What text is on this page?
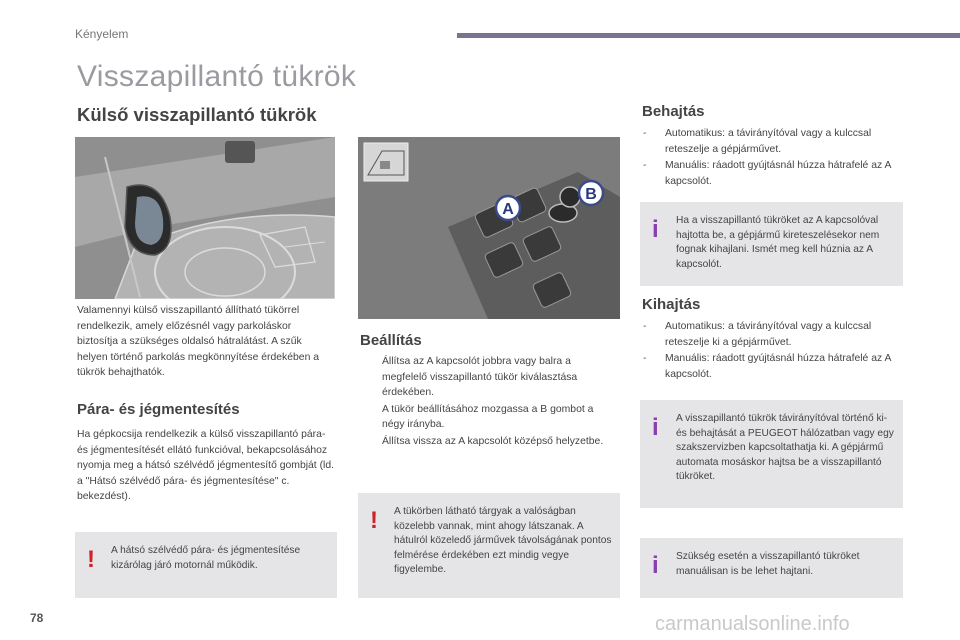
Kényelem
Visszapillantó tükrök
Külső visszapillantó tükrök
Valamennyi külső visszapillantó állítható tükörrel rendelkezik, amely előzésnél vagy parkoláskor biztosítja a szükséges oldalsó hátralátást. A szűk helyen történő parkolás megkönnyítése érdekében a tükrök behajthatók.
Pára- és jégmentesítés
Ha gépkocsija rendelkezik a külső visszapillantó pára- és jégmentesítését ellátó funkcióval, bekapcsolásához nyomja meg a hátsó szélvédő jégmentesítő gombját (ld. a "Hátsó szélvédő pára- és jégmentesítése" c. bekezdést).
! A hátsó szélvédő pára- és jégmentesítése kizárólag járó motornál működik.
A
B
Beállítás
Állítsa az A kapcsolót jobbra vagy balra a megfelelő visszapillantó tükör kiválasztása érdekében.
A tükör beállításához mozgassa a B gombot a négy irányba.
Állítsa vissza az A kapcsolót középső helyzetbe.
! A tükörben látható tárgyak a valóságban közelebb vannak, mint ahogy látszanak. A hátulról közeledő járművek távolságának pontos felmérése érdekében ezt mindig vegye figyelembe.
Behajtás
- Automatikus: a távirányítóval vagy a kulccsal reteszelje a gépjárművet.
- Manuális: ráadott gyújtásnál húzza hátrafelé az A kapcsolót.
i Ha a visszapillantó tükröket az A kapcsolóval hajtotta be, a gépjármű kireteszelésekor nem fognak kihajlani. Ismét meg kell húznia az A kapcsolót.
Kihajtás
- Automatikus: a távirányítóval vagy a kulccsal reteszelje ki a gépjárművet.
- Manuális: ráadott gyújtásnál húzza hátrafelé az A kapcsolót.
i A visszapillantó tükrök távirányítóval történő ki- és behajtását a PEUGEOT hálózatban vagy egy szakszervizben kapcsoltathatja ki. A gépjármű automata mosáskor hajtsa be a visszapillantó tükröket.
i Szükség esetén a visszapillantó tükröket manuálisan is be lehet hajtani.
78	carmanualsonline.info
